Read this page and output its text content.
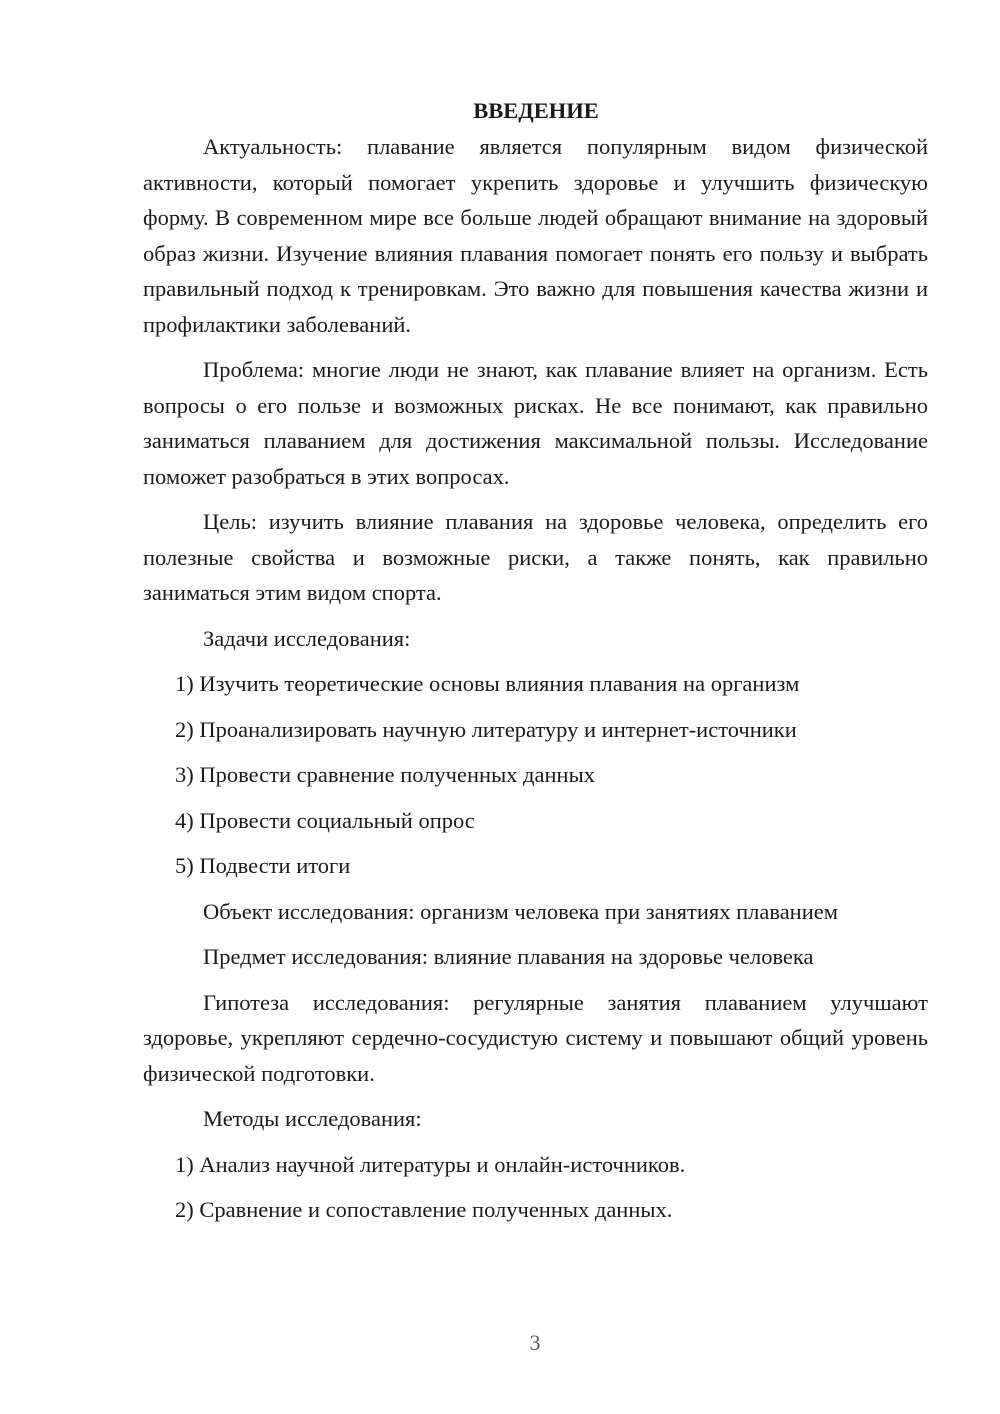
ВВЕДЕНИЕ

Актуальность: плавание является популярным видом физической активности, который помогает укрепить здоровье и улучшить физическую форму. В современном мире все больше людей обращают внимание на здоровый образ жизни. Изучение влияния плавания помогает понять его пользу и выбрать правильный подход к тренировкам. Это важно для повышения качества жизни и профилактики заболеваний.

Проблема: многие люди не знают, как плавание влияет на организм. Есть вопросы о его пользе и возможных рисках. Не все понимают, как правильно заниматься плаванием для достижения максимальной пользы. Исследование поможет разобраться в этих вопросах.

Цель: изучить влияние плавания на здоровье человека, определить его полезные свойства и возможные риски, а также понять, как правильно заниматься этим видом спорта.

Задачи исследования:
1) Изучить теоретические основы влияния плавания на организм
2) Проанализировать научную литературу и интернет-источники
3) Провести сравнение полученных данных
4) Провести социальный опрос
5) Подвести итоги
Объект исследования: организм человека при занятиях плаванием
Предмет исследования: влияние плавания на здоровье человека

Гипотеза исследования: регулярные занятия плаванием улучшают здоровье, укрепляют сердечно-сосудистую систему и повышают общий уровень физической подготовки.

Методы исследования:
1) Анализ научной литературы и онлайн-источников.
2) Сравнение и сопоставление полученных данных.
3
